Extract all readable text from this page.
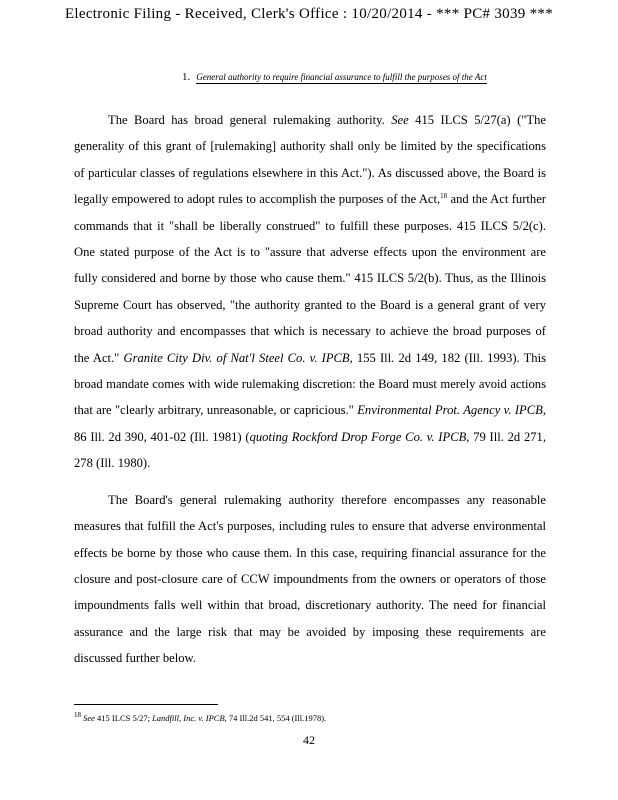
Electronic Filing - Received, Clerk's Office : 10/20/2014 - *** PC# 3039 ***
1. General authority to require financial assurance to fulfill the purposes of the Act

The Board has broad general rulemaking authority. See 415 ILCS 5/27(a) ("The generality of this grant of [rulemaking] authority shall only be limited by the specifications of particular classes of regulations elsewhere in this Act."). As discussed above, the Board is legally empowered to adopt rules to accomplish the purposes of the Act,$^{18}$ and the Act further commands that it "shall be liberally construed" to fulfill these purposes. 415 ILCS 5/2(c). One stated purpose of the Act is to "assure that adverse effects upon the environment are fully considered and borne by those who cause them." 415 ILCS 5/2(b). Thus, as the Illinois Supreme Court has observed, "the authority granted to the Board is a general grant of very broad authority and encompasses that which is necessary to achieve the broad purposes of the Act." Granite City Div. of Nat'l Steel Co. v. IPCB, 155 Ill. 2d 149, 182 (Ill. 1993). This broad mandate comes with wide rulemaking discretion: the Board must merely avoid actions that are "clearly arbitrary, unreasonable, or capricious." Environmental Prot. Agency v. IPCB, 86 Ill. 2d 390, 401-02 (Ill. 1981) (quoting Rockford Drop Forge Co. v. IPCB, 79 Ill. 2d 271, 278 (Ill. 1980).

The Board's general rulemaking authority therefore encompasses any reasonable measures that fulfill the Act's purposes, including rules to ensure that adverse environmental effects be borne by those who cause them. In this case, requiring financial assurance for the closure and post-closure care of CCW impoundments from the owners or operators of those impoundments falls well within that broad, discretionary authority. The need for financial assurance and the large risk that may be avoided by imposing these requirements are discussed further below.

$^{18}$ See 415 ILCS 5/27; Landfill, Inc. v. IPCB, 74 Ill.2d 541, 554 (Ill.1978).
42
